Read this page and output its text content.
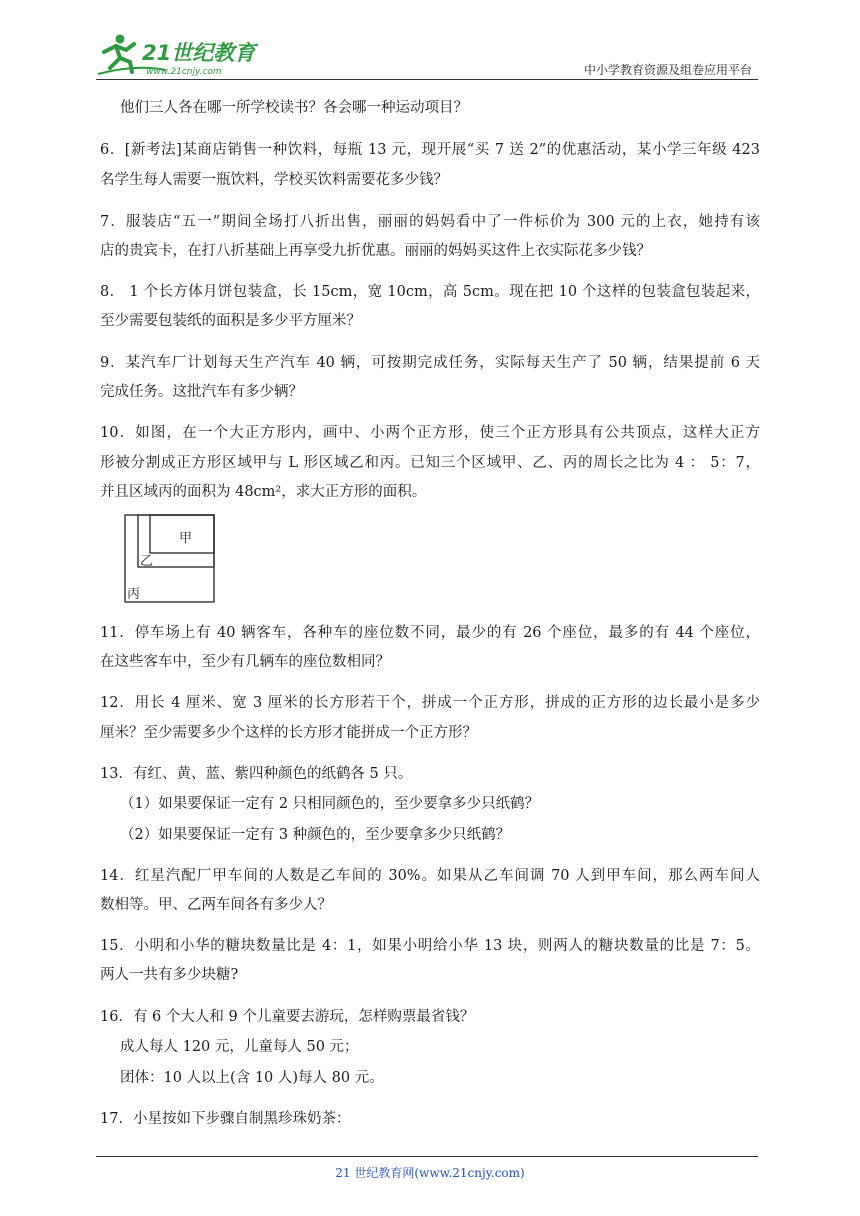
21世纪教育
www.21cnjy.com	中小学教育资源及组卷应用平台
他们三人各在哪一所学校读书？各会哪一种运动项目？
6．[新考法]某商店销售一种饮料，每瓶 13 元，现开展“买 7 送 2”的优惠活动，某小学三年级 423
名学生每人需要一瓶饮料，学校买饮料需要花多少钱？
7．服装店“五一”期间全场打八折出售，丽丽的妈妈看中了一件标价为 300 元的上衣，她持有该
店的贵宾卡，在打八折基础上再享受九折优惠。丽丽的妈妈买这件上衣实际花多少钱？
8． 1 个长方体月饼包装盒，长 15cm，宽 10cm，高 5cm。现在把 10 个这样的包装盒包装起来，
至少需要包装纸的面积是多少平方厘米？
9．某汽车厂计划每天生产汽车 40 辆，可按期完成任务，实际每天生产了 50 辆，结果提前 6 天
完成任务。这批汽车有多少辆？
10．如图，在一个大正方形内，画中、小两个正方形，使三个正方形具有公共顶点，这样大正方
形被分割成正方形区域甲与 L 形区域乙和丙。已知三个区域甲、乙、丙的周长之比为 4 ： 5：7，
并且区域丙的面积为 48cm²，求大正方形的面积。
11．停车场上有 40 辆客车，各种车的座位数不同，最少的有 26 个座位，最多的有 44 个座位，
在这些客车中，至少有几辆车的座位数相同？
12．用长 4 厘米、宽 3 厘米的长方形若干个，拼成一个正方形，拼成的正方形的边长最小是多少
厘米？至少需要多少个这样的长方形才能拼成一个正方形？
13．有红、黄、蓝、紫四种颜色的纸鹤各 5 只。
（1）如果要保证一定有 2 只相同颜色的，至少要拿多少只纸鹤？
（2）如果要保证一定有 3 种颜色的，至少要拿多少只纸鹤？
14．红星汽配厂甲车间的人数是乙车间的 30%。如果从乙车间调 70 人到甲车间，那么两车间人
数相等。甲、乙两车间各有多少人？
15．小明和小华的糖块数量比是 4：1，如果小明给小华 13 块，则两人的糖块数量的比是 7：5。
两人一共有多少块糖?
16．有 6 个大人和 9 个儿童要去游玩，怎样购票最省钱？
成人每人 120 元，儿童每人 50 元；
团体：10 人以上(含 10 人)每人 80 元。
17．小星按如下步骤自制黑珍珠奶茶：
甲
乙
丙
21 世纪教育网(www.21cnjy.com)
